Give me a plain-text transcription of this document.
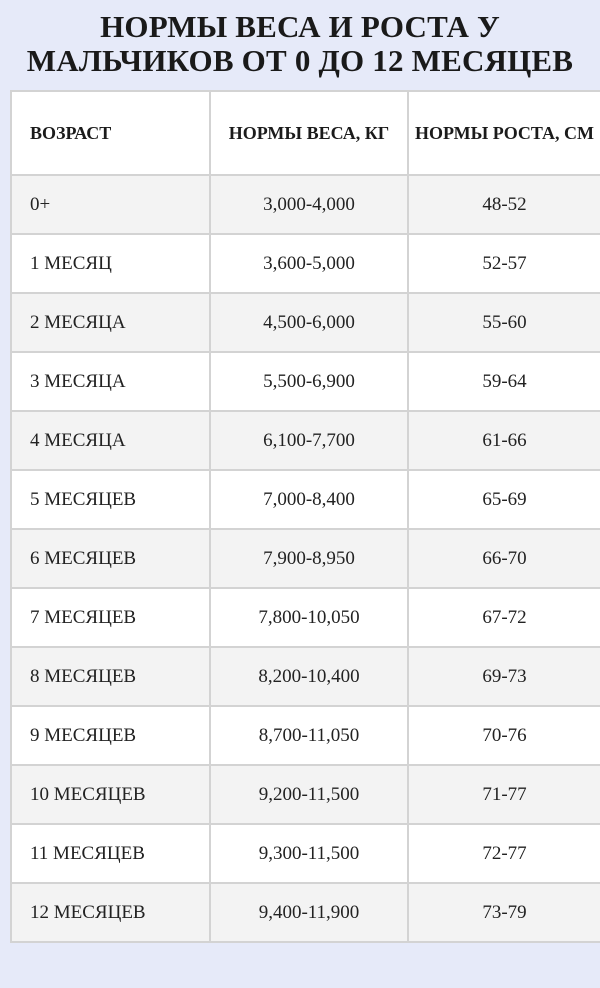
НОРМЫ ВЕСА И РОСТА У
МАЛЬЧИКОВ ОТ 0 ДО 12 МЕСЯЦЕВ
ВОЗРАСТ	НОРМЫ ВЕСА, КГ	НОРМЫ РОСТА, СМ
0+	3,000-4,000	48-52
1 МЕСЯЦ	3,600-5,000	52-57
2 МЕСЯЦА	4,500-6,000	55-60
3 МЕСЯЦА	5,500-6,900	59-64
4 МЕСЯЦА	6,100-7,700	61-66
5 МЕСЯЦЕВ	7,000-8,400	65-69
6 МЕСЯЦЕВ	7,900-8,950	66-70
7 МЕСЯЦЕВ	7,800-10,050	67-72
8 МЕСЯЦЕВ	8,200-10,400	69-73
9 МЕСЯЦЕВ	8,700-11,050	70-76
10 МЕСЯЦЕВ	9,200-11,500	71-77
11 МЕСЯЦЕВ	9,300-11,500	72-77
12 МЕСЯЦЕВ	9,400-11,900	73-79
